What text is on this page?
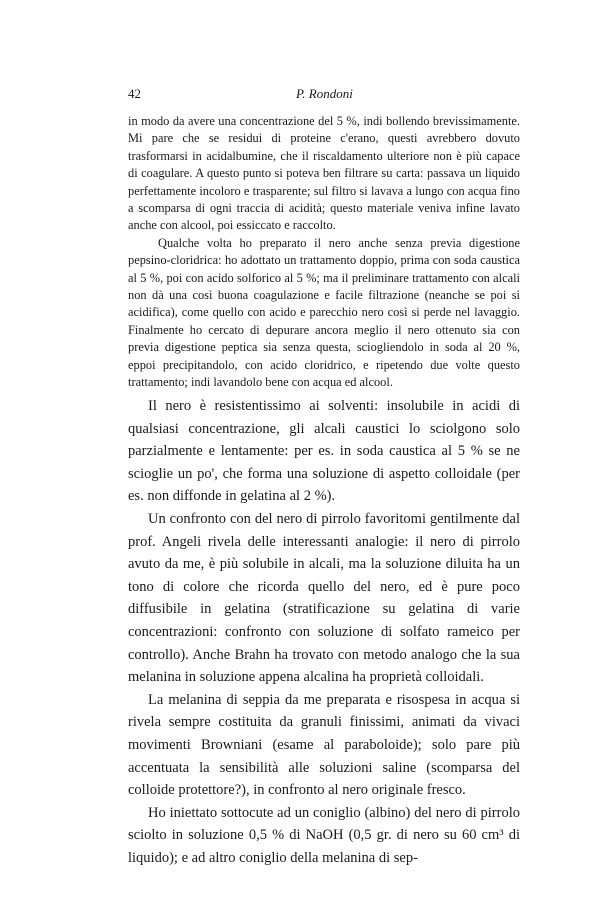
42	P. Rondoni

in modo da avere una concentrazione del 5 %, indi bollendo brevissimamente. Mi pare che se residui di proteine c'erano, questi avrebbero dovuto trasformarsi in acidalbumine, che il riscaldamento ulteriore non è più capace di coagulare. A questo punto si poteva ben filtrare su carta: passava un liquido perfettamente incoloro e trasparente; sul filtro si lavava a lungo con acqua fino a scomparsa di ogni traccia di acidità; questo materiale veniva infine lavato anche con alcool, poi essiccato e raccolto.

Qualche volta ho preparato il nero anche senza previa digestione pepsino-cloridrica: ho adottato un trattamento doppio, prima con soda caustica al 5 %, poi con acido solforico al 5 %; ma il preliminare trattamento con alcali non dà una così buona coagulazione e facile filtrazione (neanche se poi si acidifica), come quello con acido e parecchio nero così si perde nel lavaggio. Finalmente ho cercato di depurare ancora meglio il nero ottenuto sia con previa digestione peptica sia senza questa, sciogliendolo in soda al 20 %, eppoi precipitandolo, con acido cloridrico, e ripetendo due volte questo trattamento; indi lavandolo bene con acqua ed alcool.

Il nero è resistentissimo ai solventi: insolubile in acidi di qualsiasi concentrazione, gli alcali caustici lo sciolgono solo parzialmente e lentamente: per es. in soda caustica al 5 % se ne scioglie un po', che forma una soluzione di aspetto colloidale (per es. non diffonde in gelatina al 2 %).

Un confronto con del nero di pirrolo favoritomi gentilmente dal prof. Angeli rivela delle interessanti analogie: il nero di pirrolo avuto da me, è più solubile in alcali, ma la soluzione diluita ha un tono di colore che ricorda quello del nero, ed è pure poco diffusibile in gelatina (stratificazione su gelatina di varie concentrazioni: confronto con soluzione di solfato rameico per controllo). Anche Brahn ha trovato con metodo analogo che la sua melanina in soluzione appena alcalina ha proprietà colloidali.

La melanina di seppia da me preparata e risospesa in acqua si rivela sempre costituita da granuli finissimi, animati da vivaci movimenti Browniani (esame al paraboloide); solo pare più accentuata la sensibilità alle soluzioni saline (scomparsa del colloide protettore?), in confronto al nero originale fresco.

Ho iniettato sottocute ad un coniglio (albino) del nero di pirrolo sciolto in soluzione 0,5 % di NaOH (0,5 gr. di nero su 60 cm³ di liquido); e ad altro coniglio della melanina di sep-
